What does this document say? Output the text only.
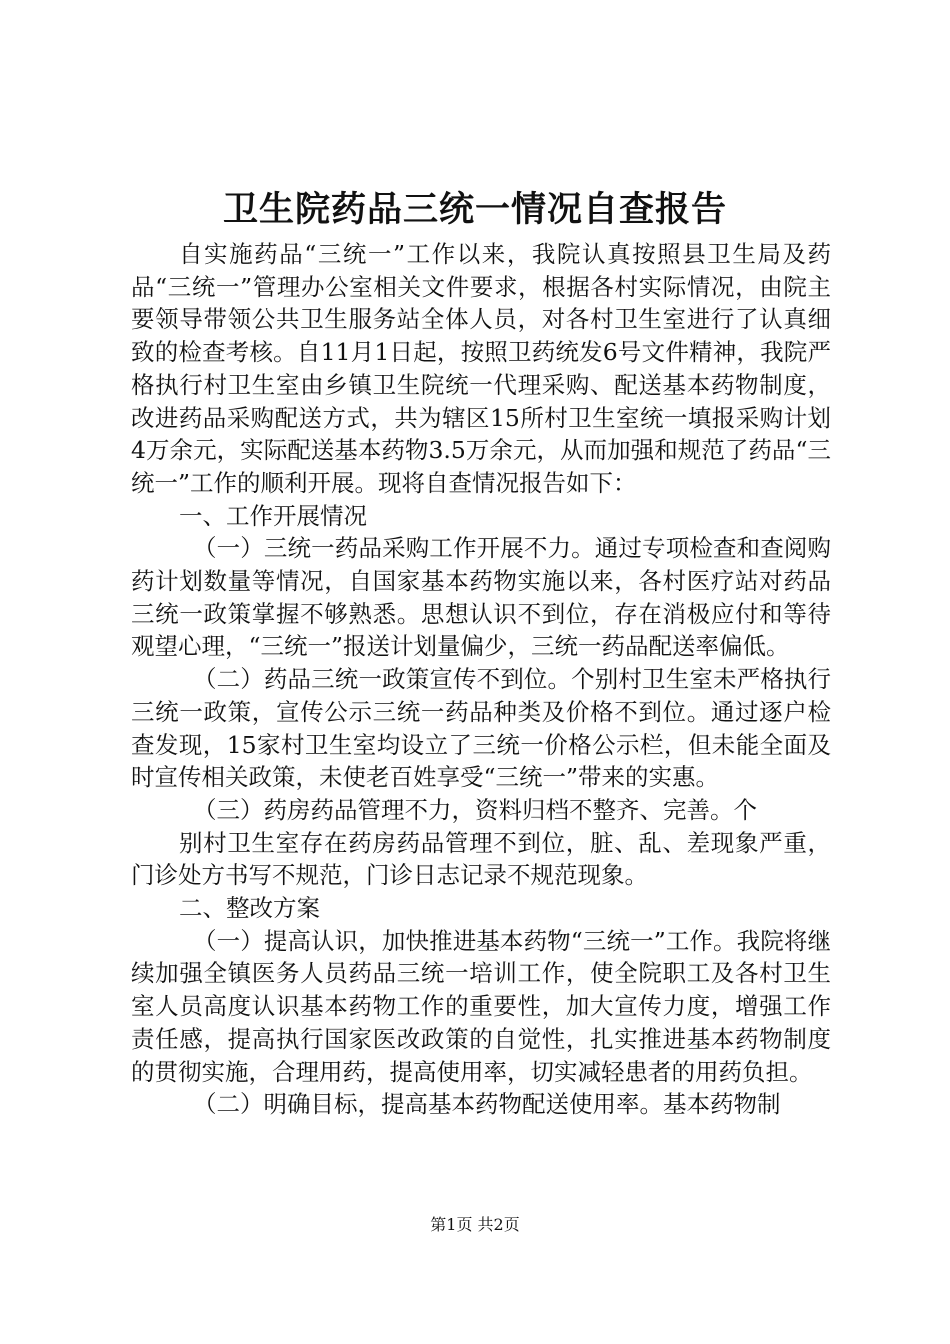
卫生院药品三统一情况自查报告

自实施药品“三统一”工作以来，我院认真按照县卫生局及药品“三统一”管理办公室相关文件要求，根据各村实际情况，由院主要领导带领公共卫生服务站全体人员，对各村卫生室进行了认真细致的检查考核。自11月1日起，按照卫药统发6号文件精神，我院严格执行村卫生室由乡镇卫生院统一代理采购、配送基本药物制度，改进药品采购配送方式，共为辖区15所村卫生室统一填报采购计划4万余元，实际配送基本药物3.5万余元，从而加强和规范了药品“三统一”工作的顺利开展。现将自查情况报告如下：

一、工作开展情况

（一）三统一药品采购工作开展不力。通过专项检查和查阅购药计划数量等情况，自国家基本药物实施以来，各村医疗站对药品三统一政策掌握不够熟悉。思想认识不到位，存在消极应付和等待观望心理，“三统一”报送计划量偏少，三统一药品配送率偏低。

（二）药品三统一政策宣传不到位。个别村卫生室未严格执行三统一政策，宣传公示三统一药品种类及价格不到位。通过逐户检查发现，15家村卫生室均设立了三统一价格公示栏，但未能全面及时宣传相关政策，未使老百姓享受“三统一”带来的实惠。

（三）药房药品管理不力，资料归档不整齐、完善。个

别村卫生室存在药房药品管理不到位，脏、乱、差现象严重，门诊处方书写不规范，门诊日志记录不规范现象。

二、整改方案

（一）提高认识，加快推进基本药物“三统一”工作。我院将继续加强全镇医务人员药品三统一培训工作，使全院职工及各村卫生室人员高度认识基本药物工作的重要性，加大宣传力度，增强工作责任感，提高执行国家医改政策的自觉性，扎实推进基本药物制度的贯彻实施，合理用药，提高使用率，切实减轻患者的用药负担。

（二）明确目标，提高基本药物配送使用率。基本药物制

第1页 共2页
